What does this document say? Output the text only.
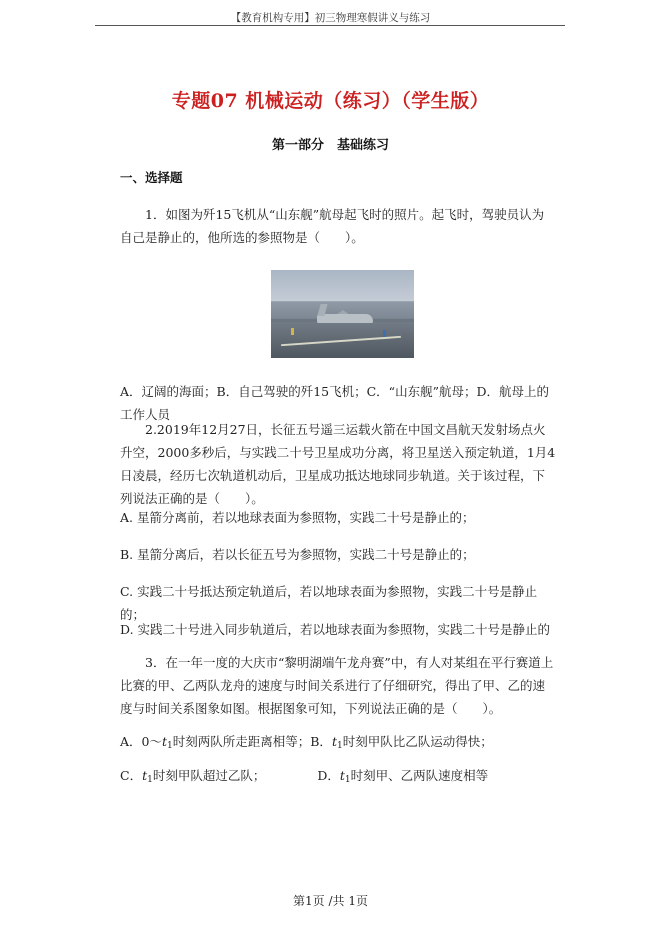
【教育机构专用】初三物理寒假讲义与练习
专题07 机械运动（练习）（学生版）
第一部分　基础练习
一、选择题
1．如图为歼15飞机从“山东舰”航母起飞时的照片。起飞时，驾驶员认为自己是静止的，他所选的参照物是（　　）。
A．辽阔的海面；B．自己驾驶的歼15飞机；C．“山东舰”航母；D．航母上的工作人员
2.2019年12月27日，长征五号遥三运载火箭在中国文昌航天发射场点火升空，2000多秒后，与实践二十号卫星成功分离，将卫星送入预定轨道，1月4日凌晨，经历七次轨道机动后，卫星成功抵达地球同步轨道。关于该过程，下列说法正确的是（　　）。
A. 星箭分离前，若以地球表面为参照物，实践二十号是静止的；
B. 星箭分离后，若以长征五号为参照物，实践二十号是静止的；
C. 实践二十号抵达预定轨道后，若以地球表面为参照物，实践二十号是静止的；
D. 实践二十号进入同步轨道后，若以地球表面为参照物，实践二十号是静止的
3．在一年一度的大庆市“黎明湖端午龙舟赛”中，有人对某组在平行赛道上比赛的甲、乙两队龙舟的速度与时间关系进行了仔细研究，得出了甲、乙的速度与时间关系图象如图。根据图象可知，下列说法正确的是（　　）。
A．$0\sim t_1$时刻两队所走距离相等；B．$t_1$时刻甲队比乙队运动得快；
C．$t_1$时刻甲队超过乙队；	D．$t_1$时刻甲、乙两队速度相等
第1页 /共 1页
